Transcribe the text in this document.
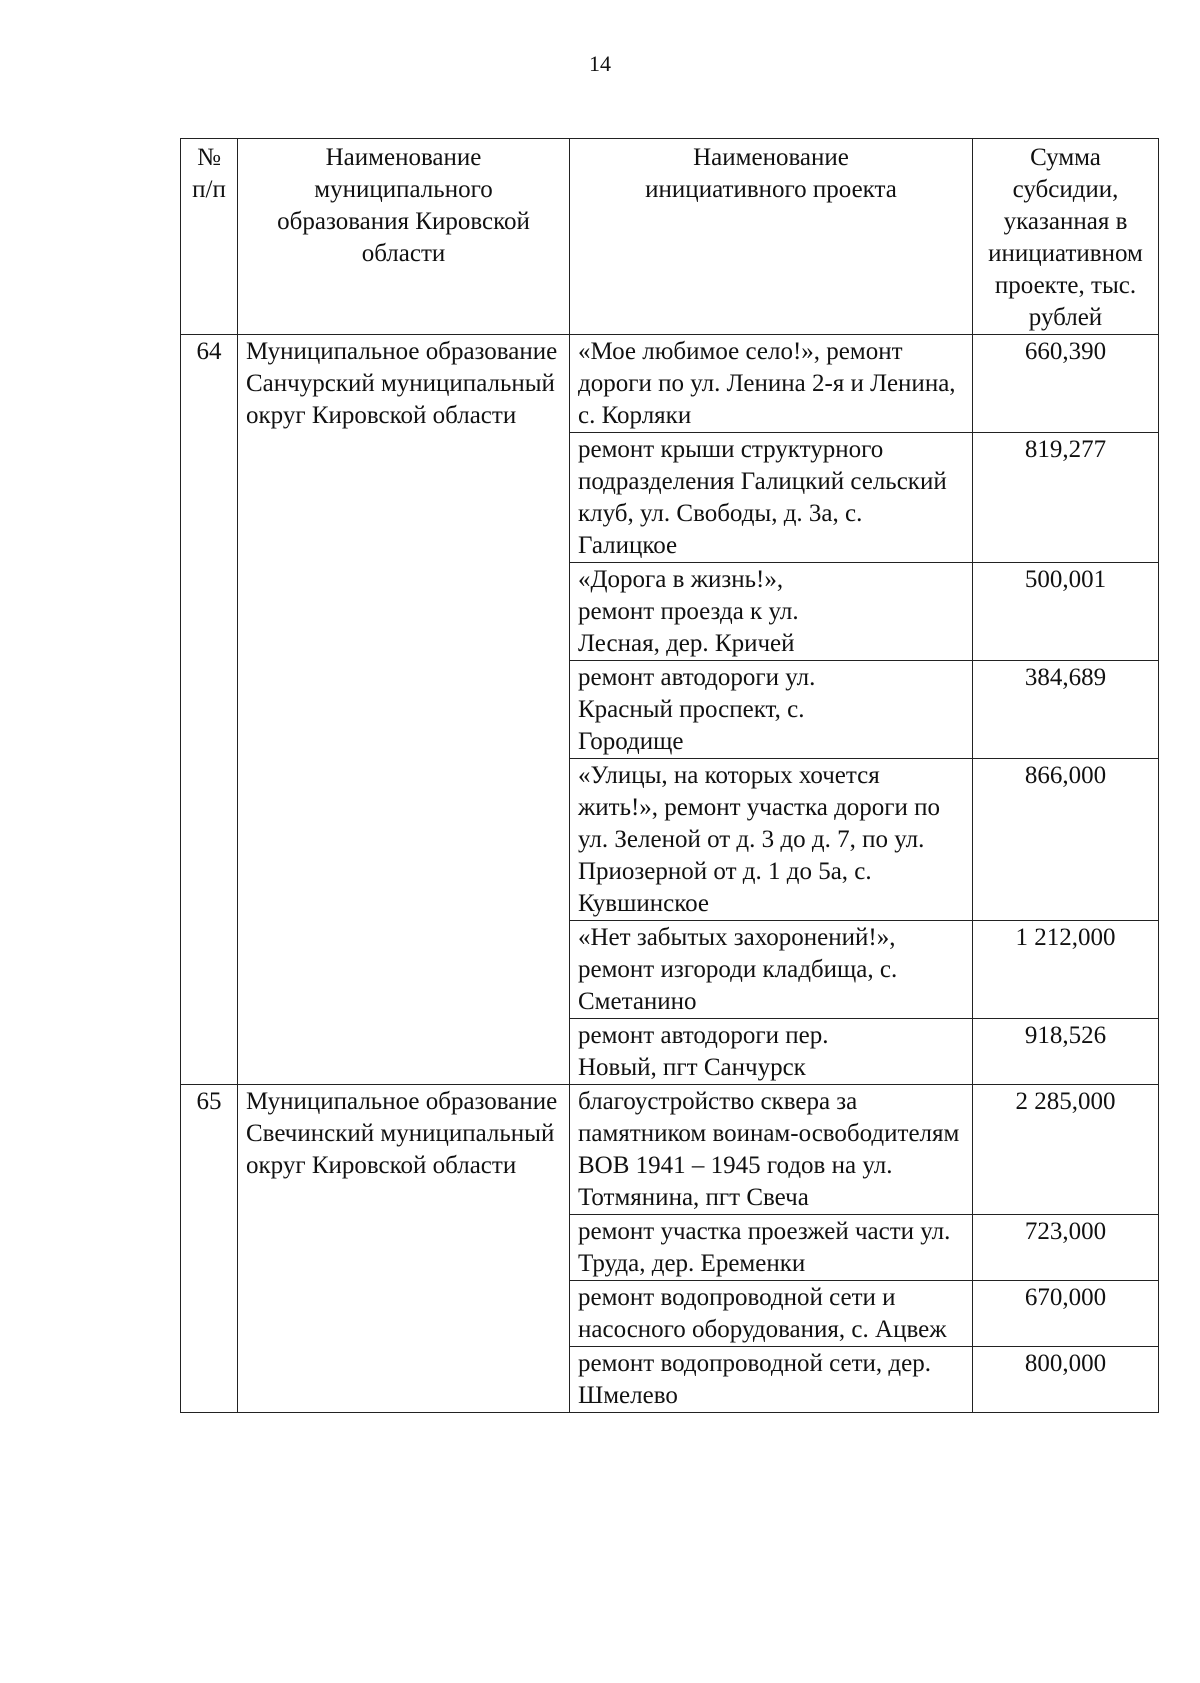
14
№ п/п	Наименование муниципального образования Кировской области	Наименование инициативного проекта	Сумма субсидии, указанная в инициативном проекте, тыс. рублей
64	Муниципальное образование Санчурский муниципальный округ Кировской области	«Мое любимое село!», ремонт дороги по ул. Ленина 2-я и Ленина, с. Корляки	660,390
		ремонт крыши структурного подразделения Галицкий сельский клуб, ул. Свободы, д. 3а, с. Галицкое	819,277
		«Дорога в жизнь!», ремонт проезда к ул. Лесная, дер. Кричей	500,001
		ремонт автодороги ул. Красный проспект, с. Городище	384,689
		«Улицы, на которых хочется жить!», ремонт участка дороги по ул. Зеленой от д. 3 до д. 7, по ул. Приозерной от д. 1 до 5а, с. Кувшинское	866,000
		«Нет забытых захоронений!», ремонт изгороди кладбища, с. Сметанино	1 212,000
		ремонт автодороги пер. Новый, пгт Санчурск	918,526
65	Муниципальное образование Свечинский муниципальный округ Кировской области	благоустройство сквера за памятником воинам-освободителям ВОВ 1941 – 1945 годов на ул. Тотмянина, пгт Свеча	2 285,000
		ремонт участка проезжей части ул. Труда, дер. Еременки	723,000
		ремонт водопроводной сети и насосного оборудования, с. Ацвеж	670,000
		ремонт водопроводной сети, дер. Шмелево	800,000
